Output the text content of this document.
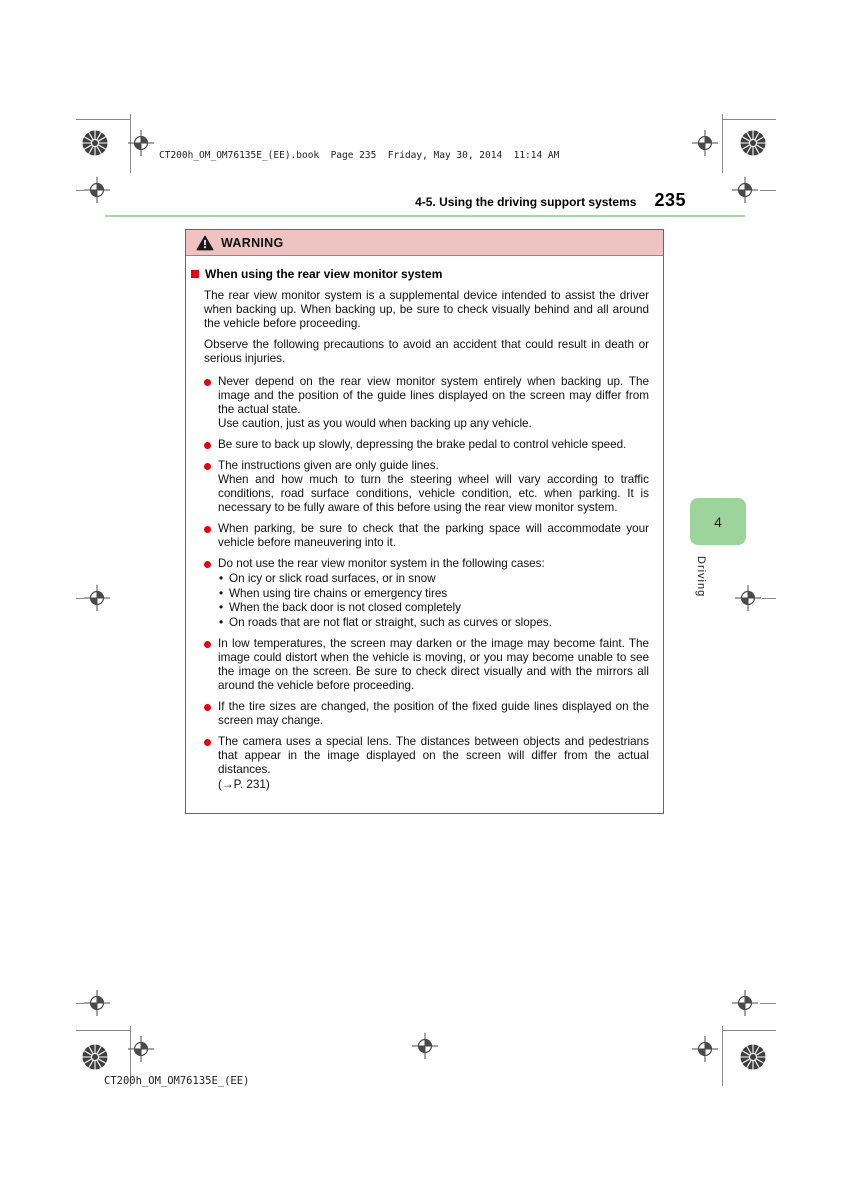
CT200h_OM_OM76135E_(EE).book  Page 235  Friday, May 30, 2014  11:14 AM
4-5. Using the driving support systems 235
WARNING
When using the rear view monitor system

The rear view monitor system is a supplemental device intended to assist the driver when backing up. When backing up, be sure to check visually behind and all around the vehicle before proceeding.

Observe the following precautions to avoid an accident that could result in death or serious injuries.

Never depend on the rear view monitor system entirely when backing up. The image and the position of the guide lines displayed on the screen may differ from the actual state.
Use caution, just as you would when backing up any vehicle.
Be sure to back up slowly, depressing the brake pedal to control vehicle speed.
The instructions given are only guide lines.
When and how much to turn the steering wheel will vary according to traffic conditions, road surface conditions, vehicle condition, etc. when parking. It is necessary to be fully aware of this before using the rear view monitor system.
When parking, be sure to check that the parking space will accommodate your vehicle before maneuvering into it.
Do not use the rear view monitor system in the following cases:
• On icy or slick road surfaces, or in snow
• When using tire chains or emergency tires
• When the back door is not closed completely
• On roads that are not flat or straight, such as curves or slopes.
In low temperatures, the screen may darken or the image may become faint. The image could distort when the vehicle is moving, or you may become unable to see the image on the screen. Be sure to check direct visually and with the mirrors all around the vehicle before proceeding.
If the tire sizes are changed, the position of the fixed guide lines displayed on the screen may change.
The camera uses a special lens. The distances between objects and pedestrians that appear in the image displayed on the screen will differ from the actual distances.
(→P. 231)
4
Driving
CT200h_OM_OM76135E_(EE)
